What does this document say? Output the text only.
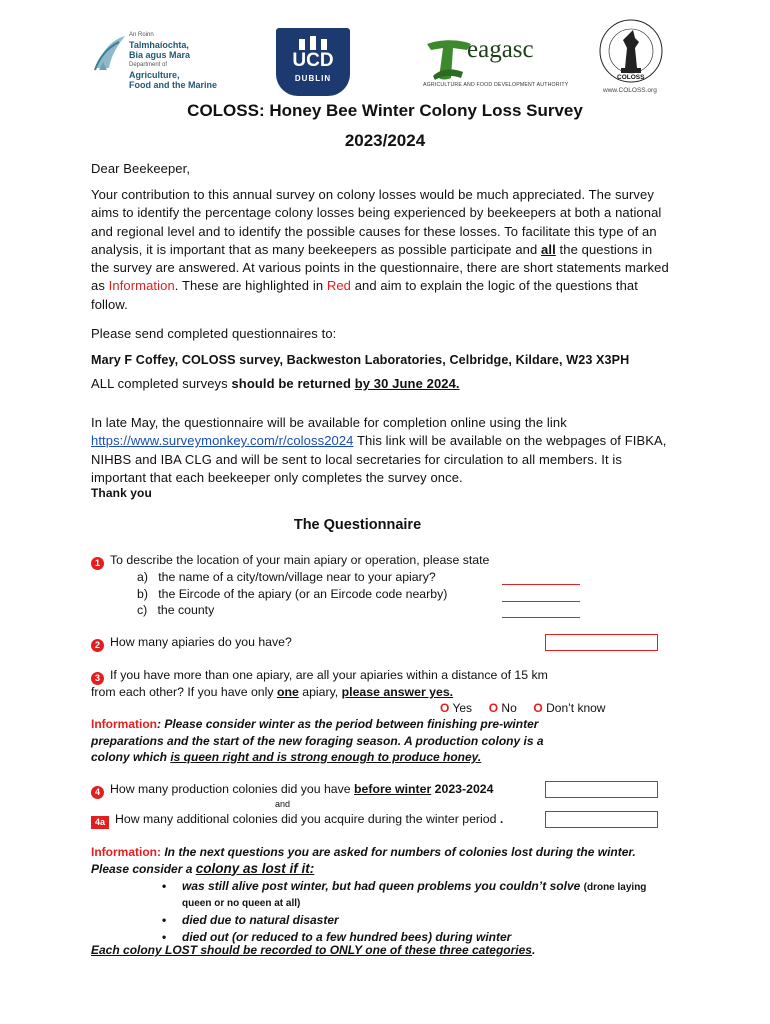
An Roinn
Talmhaíochta,
Bia agus Mara
Department of
Agriculture,
Food and the Marine
UCD
DUBLIN
eagasc
AGRICULTURE AND FOOD DEVELOPMENT AUTHORITY
COLOSS
www.COLOSS.org
COLOSS: Honey Bee Winter Colony Loss Survey
2023/2024

Dear Beekeeper,

Your contribution to this annual survey on colony losses would be much appreciated. The survey aims to identify the percentage colony losses being experienced by beekeepers at both a national and regional level and to identify the possible causes for these losses. To facilitate this type of an analysis, it is important that as many beekeepers as possible participate and all the questions in the survey are answered. At various points in the questionnaire, there are short statements marked as Information. These are highlighted in Red and aim to explain the logic of the questions that follow.

Please send completed questionnaires to:

Mary F Coffey, COLOSS survey, Backweston Laboratories, Celbridge, Kildare, W23 X3PH

ALL completed surveys should be returned by 30 June 2024.

In late May, the questionnaire will be available for completion online using the link https://www.surveymonkey.com/r/coloss2024 This link will be available on the webpages of FIBKA, NIHBS and IBA CLG and will be sent to local secretaries for circulation to all members. It is important that each beekeeper only completes the survey once.

Thank you

The Questionnaire
1 To describe the location of your main apiary or operation, please state
a) the name of a city/town/village near to your apiary?
b) the Eircode of the apiary (or an Eircode code nearby)
c) the county
2 How many apiaries do you have?
3 If you have more than one apiary, are all your apiaries within a distance of 15 km
from each other? If you have only one apiary, please answer yes.
O Yes O No O Don’t know
Information: Please consider winter as the period between finishing pre-winter
preparations and the start of the new foraging season. A production colony is a
colony which is queen right and is strong enough to produce honey.
4 How many production colonies did you have before winter 2023-2024
and
4a How many additional colonies did you acquire during the winter period .
Information: In the next questions you are asked for numbers of colonies lost during the winter.
Please consider a colony as lost if it:
• was still alive post winter, but had queen problems you couldn’t solve (drone laying
queen or no queen at all)
• died due to natural disaster
• died out (or reduced to a few hundred bees) during winter
Each colony LOST should be recorded to ONLY one of these three categories.
